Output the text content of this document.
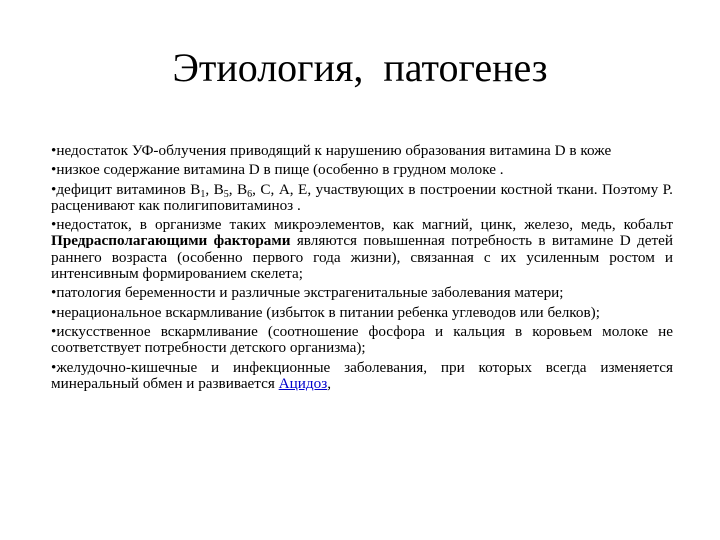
Этиология,  патогенез

•недостаток УФ-облучения приводящий к нарушению образования витамина D в коже

•низкое содержание витамина D в пище (особенно в грудном молоке .

•дефицит витаминов $В_1$, $В_5$, $В_6$, С, А, Е, участвующих в построении костной ткани. Поэтому Р. расценивают как полигиповитаминоз .

•недостаток, в организме таких микроэлементов, как магний, цинк, железо, медь, кобальт Предрасполагающими факторами являются повышенная потребность в витамине D детей раннего возраста (особенно первого года жизни), связанная с их усиленным ростом и интенсивным формированием скелета;

•патология беременности и различные экстрагенитальные заболевания матери;

•нерациональное вскармливание (избыток в питании ребенка углеводов или белков);

•искусственное вскармливание (соотношение фосфора и кальция в коровьем молоке не соответствует потребности детского организма);

•желудочно-кишечные и инфекционные заболевания, при которых всегда изменяется минеральный обмен и развивается Ацидоз,
